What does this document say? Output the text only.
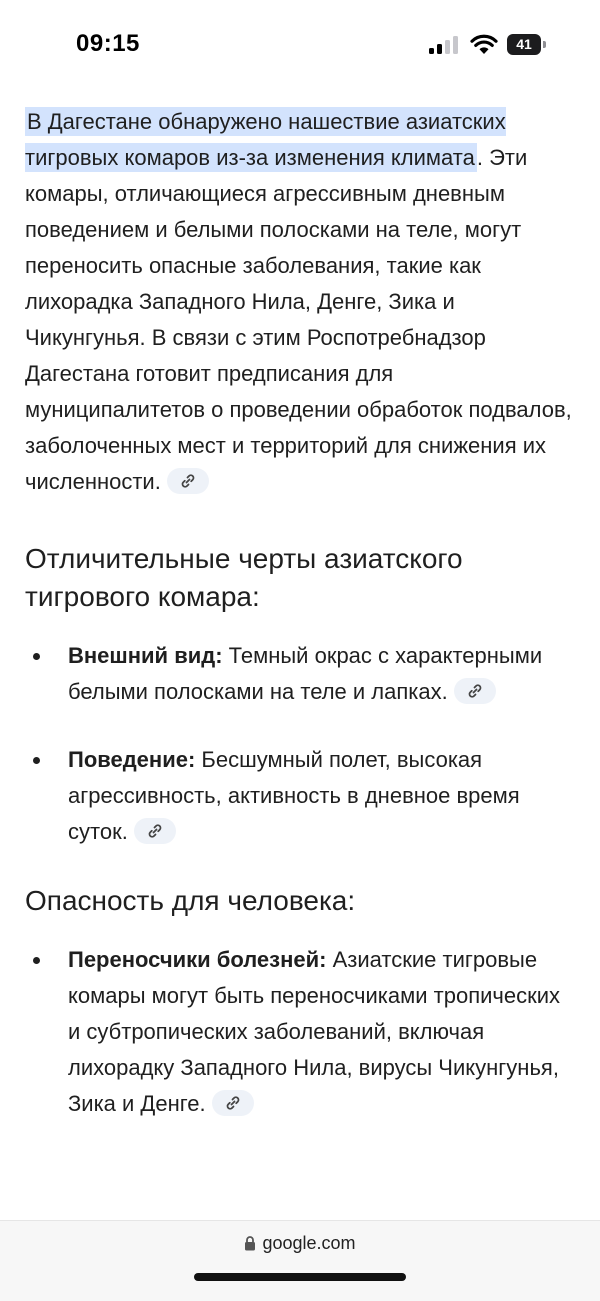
09:15	41

В Дагестане обнаружено нашествие азиатских тигровых комаров из-за изменения климата. Эти комары, отличающиеся агрессивным дневным поведением и белыми полосками на теле, могут переносить опасные заболевания, такие как лихорадка Западного Нила, Денге, Зика и Чикунгунья. В связи с этим Роспотребнадзор Дагестана готовит предписания для муниципалитетов о проведении обработок подвалов, заболоченных мест и территорий для снижения их численности.

Отличительные черты азиатского тигрового комара:
Внешний вид: Темный окрас с характерными белыми полосками на теле и лапках.
Поведение: Бесшумный полет, высокая агрессивность, активность в дневное время суток.
Опасность для человека:
Переносчики болезней: Азиатские тигровые комары могут быть переносчиками тропических и субтропических заболеваний, включая лихорадку Западного Нила, вирусы Чикунгунья, Зика и Денге.
google.com
